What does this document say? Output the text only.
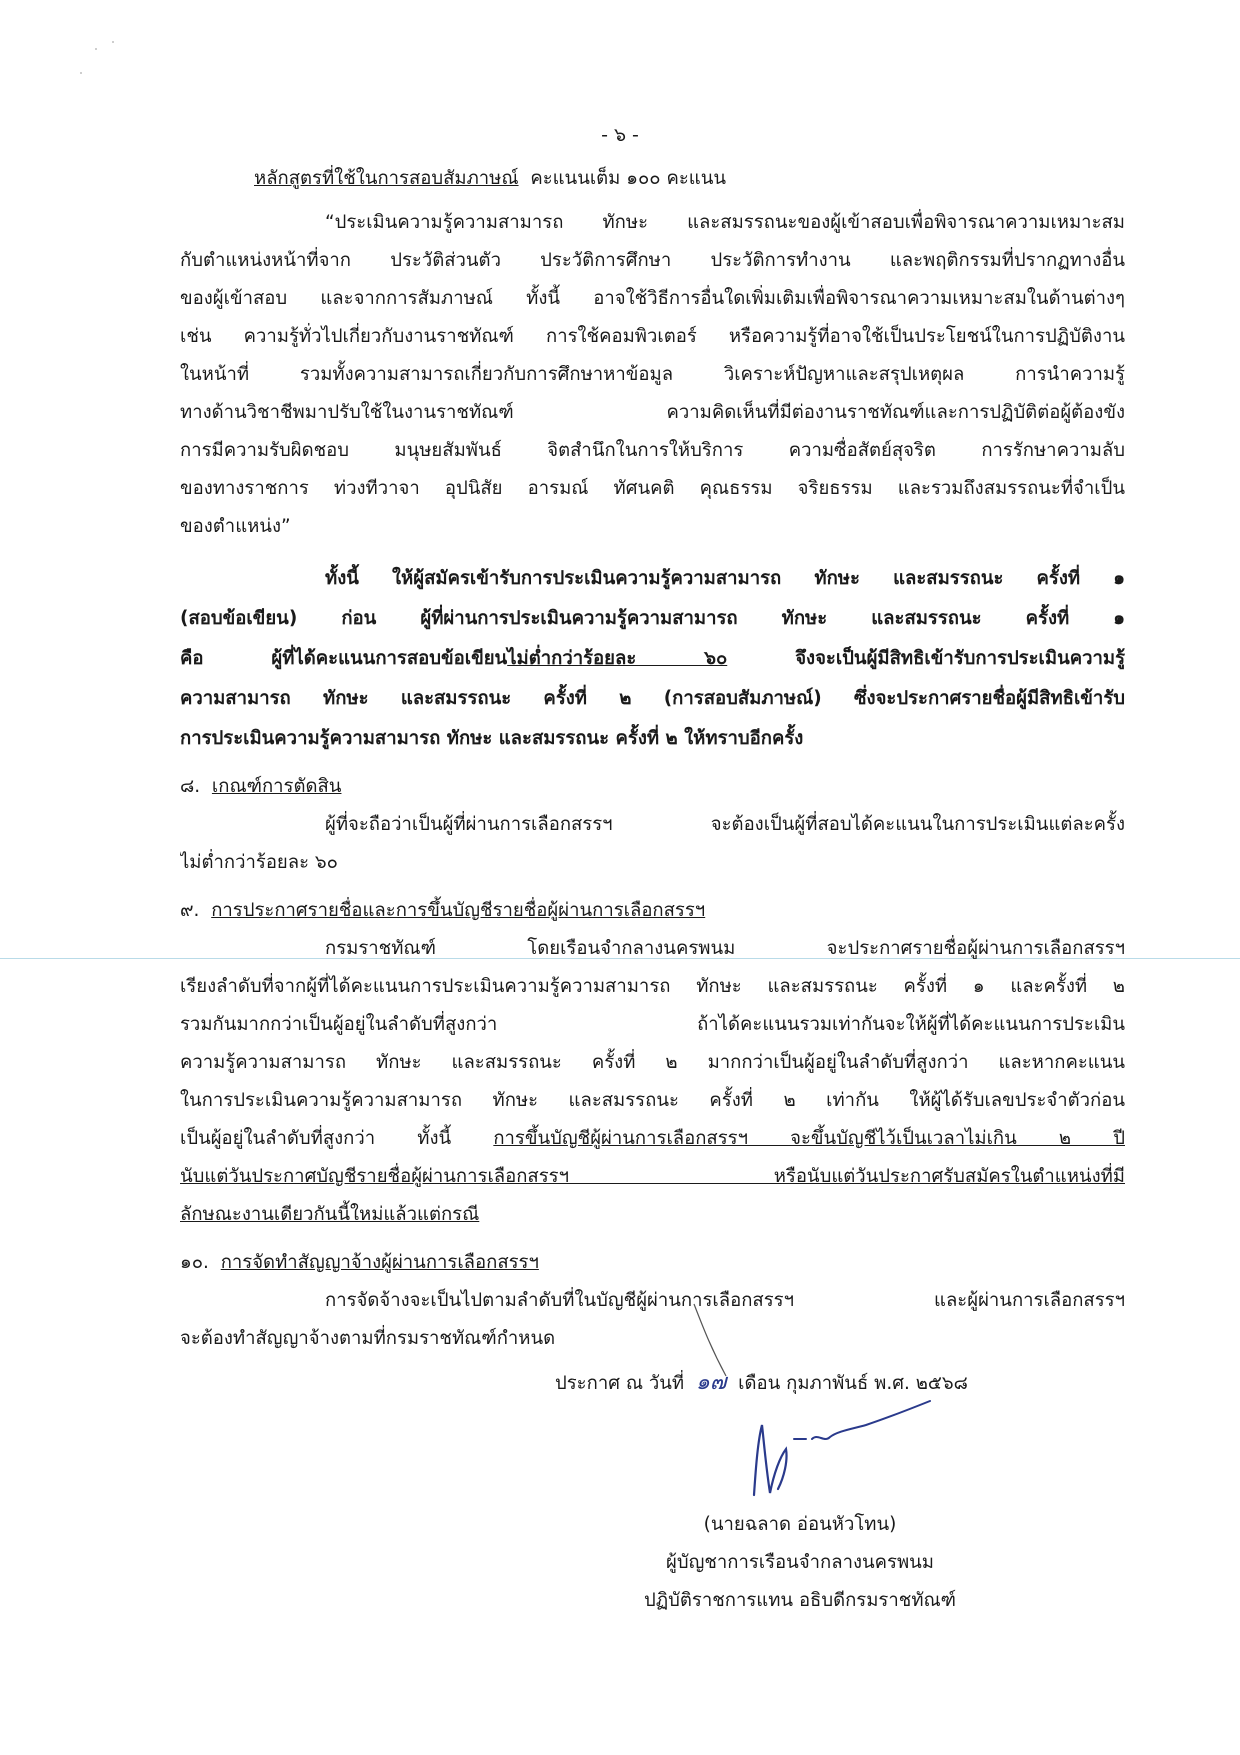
- ๖ -

หลักสูตรที่ใช้ในการสอบสัมภาษณ์ คะแนนเต็ม ๑๐๐ คะแนน

“ประเมินความรู้ความสามารถ ทักษะ และสมรรถนะของผู้เข้าสอบเพื่อพิจารณาความเหมาะสม

กับตำแหน่งหน้าที่จาก ประวัติส่วนตัว ประวัติการศึกษา ประวัติการทำงาน และพฤติกรรมที่ปรากฏทางอื่น

ของผู้เข้าสอบ และจากการสัมภาษณ์ ทั้งนี้ อาจใช้วิธีการอื่นใดเพิ่มเติมเพื่อพิจารณาความเหมาะสมในด้านต่างๆ

เช่น ความรู้ทั่วไปเกี่ยวกับงานราชทัณฑ์ การใช้คอมพิวเตอร์ หรือความรู้ที่อาจใช้เป็นประโยชน์ในการปฏิบัติงาน

ในหน้าที่ รวมทั้งความสามารถเกี่ยวกับการศึกษาหาข้อมูล วิเคราะห์ปัญหาและสรุปเหตุผล การนำความรู้

ทางด้านวิชาชีพมาปรับใช้ในงานราชทัณฑ์ ความคิดเห็นที่มีต่องานราชทัณฑ์และการปฏิบัติต่อผู้ต้องขัง

การมีความรับผิดชอบ มนุษยสัมพันธ์ จิตสำนึกในการให้บริการ ความซื่อสัตย์สุจริต การรักษาความลับ

ของทางราชการ ท่วงทีวาจา อุปนิสัย อารมณ์ ทัศนคติ คุณธรรม จริยธรรม และรวมถึงสมรรถนะที่จำเป็น

ของตำแหน่ง”

ทั้งนี้ ให้ผู้สมัครเข้ารับการประเมินความรู้ความสามารถ ทักษะ และสมรรถนะ ครั้งที่ ๑

(สอบข้อเขียน) ก่อน ผู้ที่ผ่านการประเมินความรู้ความสามารถ ทักษะ และสมรรถนะ ครั้งที่ ๑

คือ ผู้ที่ได้คะแนนการสอบข้อเขียนไม่ต่ำกว่าร้อยละ ๖๐ จึงจะเป็นผู้มีสิทธิเข้ารับการประเมินความรู้

ความสามารถ ทักษะ และสมรรถนะ ครั้งที่ ๒ (การสอบสัมภาษณ์) ซึ่งจะประกาศรายชื่อผู้มีสิทธิเข้ารับ

การประเมินความรู้ความสามารถ ทักษะ และสมรรถนะ ครั้งที่ ๒ ให้ทราบอีกครั้ง

๘. เกณฑ์การตัดสิน

ผู้ที่จะถือว่าเป็นผู้ที่ผ่านการเลือกสรรฯ จะต้องเป็นผู้ที่สอบได้คะแนนในการประเมินแต่ละครั้ง

ไม่ต่ำกว่าร้อยละ ๖๐

๙. การประกาศรายชื่อและการขึ้นบัญชีรายชื่อผู้ผ่านการเลือกสรรฯ

กรมราชทัณฑ์ โดยเรือนจำกลางนครพนม จะประกาศรายชื่อผู้ผ่านการเลือกสรรฯ

เรียงลำดับที่จากผู้ที่ได้คะแนนการประเมินความรู้ความสามารถ ทักษะ และสมรรถนะ ครั้งที่ ๑ และครั้งที่ ๒

รวมกันมากกว่าเป็นผู้อยู่ในลำดับที่สูงกว่า ถ้าได้คะแนนรวมเท่ากันจะให้ผู้ที่ได้คะแนนการประเมิน

ความรู้ความสามารถ ทักษะ และสมรรถนะ ครั้งที่ ๒ มากกว่าเป็นผู้อยู่ในลำดับที่สูงกว่า และหากคะแนน

ในการประเมินความรู้ความสามารถ ทักษะ และสมรรถนะ ครั้งที่ ๒ เท่ากัน ให้ผู้ได้รับเลขประจำตัวก่อน

เป็นผู้อยู่ในลำดับที่สูงกว่า ทั้งนี้ การขึ้นบัญชีผู้ผ่านการเลือกสรรฯ จะขึ้นบัญชีไว้เป็นเวลาไม่เกิน ๒ ปี

นับแต่วันประกาศบัญชีรายชื่อผู้ผ่านการเลือกสรรฯ หรือนับแต่วันประกาศรับสมัครในตำแหน่งที่มี

ลักษณะงานเดียวกันนี้ใหม่แล้วแต่กรณี

๑๐. การจัดทำสัญญาจ้างผู้ผ่านการเลือกสรรฯ

การจัดจ้างจะเป็นไปตามลำดับที่ในบัญชีผู้ผ่านการเลือกสรรฯ และผู้ผ่านการเลือกสรรฯ

จะต้องทำสัญญาจ้างตามที่กรมราชทัณฑ์กำหนด

ประกาศ ณ วันที่ ๑๗ เดือน กุมภาพันธ์ พ.ศ. ๒๕๖๘

(นายฉลาด อ่อนหัวโทน)

ผู้บัญชาการเรือนจำกลางนครพนม

ปฏิบัติราชการแทน อธิบดีกรมราชทัณฑ์
